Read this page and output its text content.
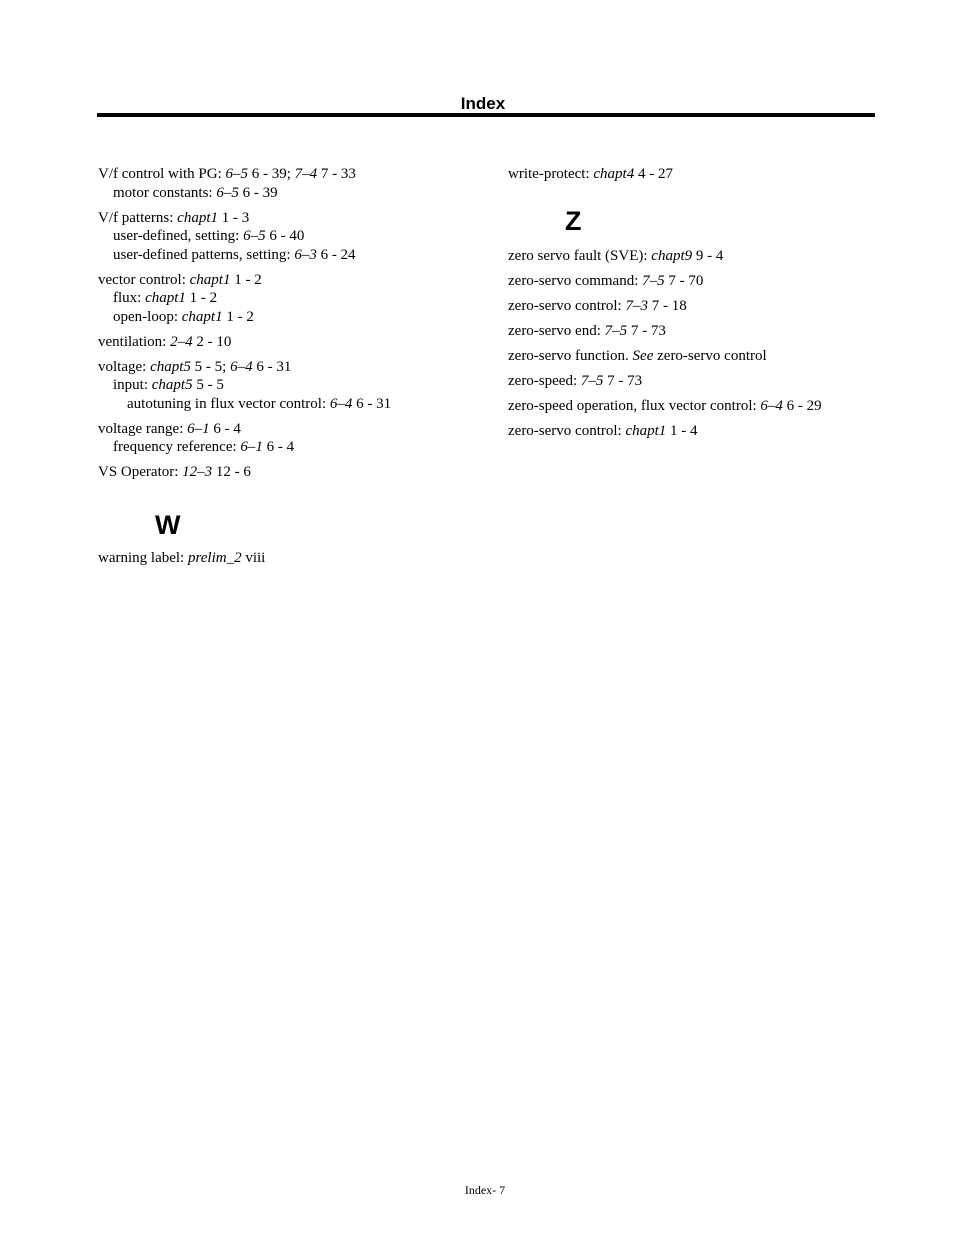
Index
V/f control with PG: 6–5 6 - 39; 7–4 7 - 33
motor constants: 6–5 6 - 39
V/f patterns: chapt1 1 - 3
user-defined, setting: 6–5 6 - 40
user-defined patterns, setting: 6–3 6 - 24
vector control: chapt1 1 - 2
flux: chapt1 1 - 2
open-loop: chapt1 1 - 2
ventilation: 2–4 2 - 10
voltage: chapt5 5 - 5; 6–4 6 - 31
input: chapt5 5 - 5
autotuning in flux vector control: 6–4 6 - 31
voltage range: 6–1 6 - 4
frequency reference: 6–1 6 - 4
VS Operator: 12–3 12 - 6
W
warning label: prelim_2 viii
write-protect: chapt4 4 - 27
Z
zero servo fault (SVE): chapt9 9 - 4
zero-servo command: 7–5 7 - 70
zero-servo control: 7–3 7 - 18
zero-servo end: 7–5 7 - 73
zero-servo function. See zero-servo control
zero-speed: 7–5 7 - 73
zero-speed operation, flux vector control: 6–4 6 - 29
zero-servo control: chapt1 1 - 4
Index- 7
